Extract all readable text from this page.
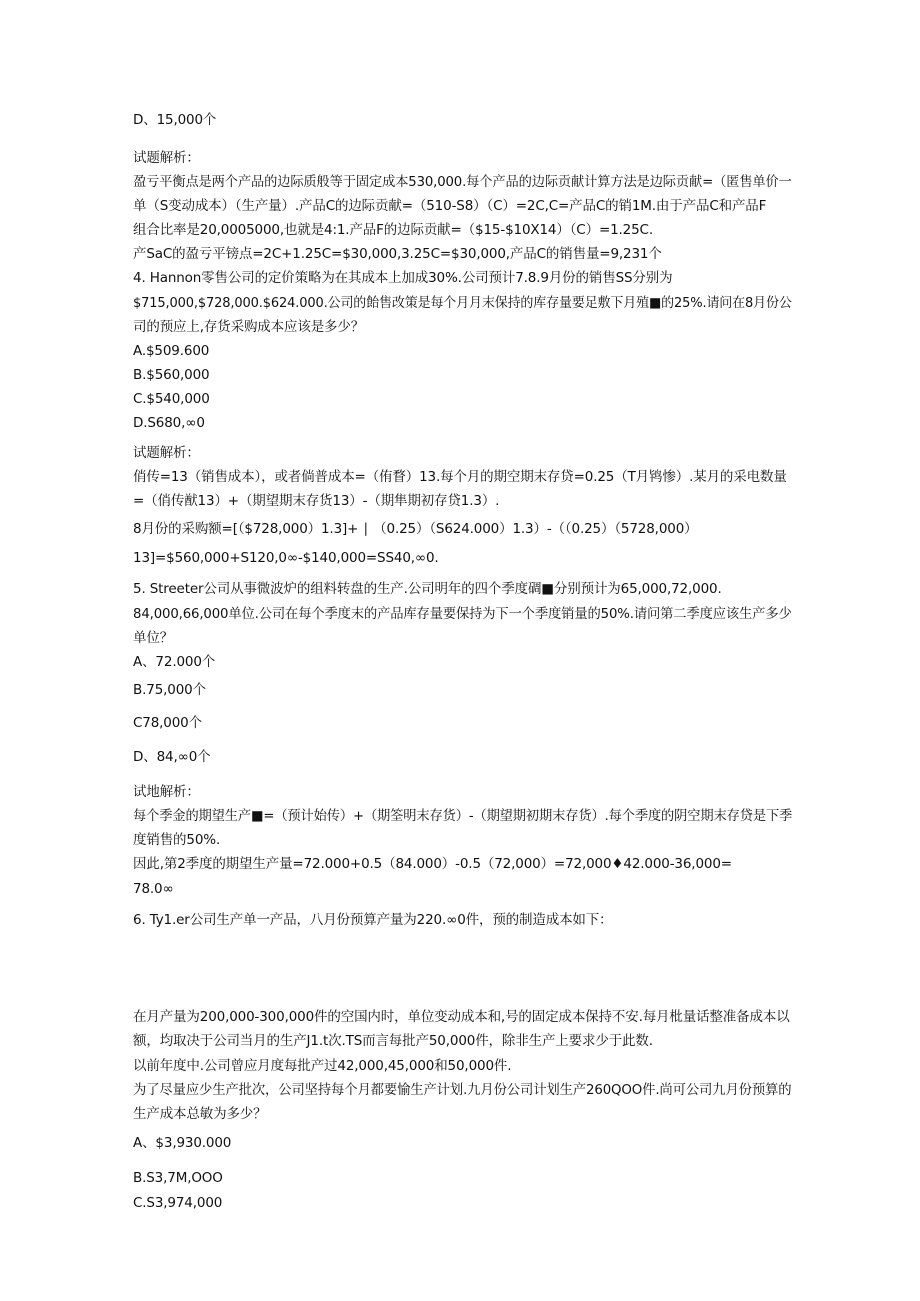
D、15,000个
试题解析：
盈亏平衡点是两个产品的边际质般等于固定成本530,000.每个产品的边际贡献计算方法是边际贡献=（匿售单价一
单（S变动成本）（生产量）.产品C的边际贡献=（510-S8）（C）=2C,C=产品C的销1M.由于产品C和产品F
组合比率是20,0005000,也就是4:1.产品F的边际贡献=（$15-$10X14）（C）=1.25C.
产SaC的盈亏平镑点=2C+1.25C=$30,000,3.25C=$30,000,产品C的销售量=9,231个
4. Hannon零售公司的定价策略为在其成本上加成30%.公司预计7.8.9月份的销售SS分别为
$715,000,$728,000.$624.000.公司的飴售改策是每个月月末保持的库存量要足敷下月殖■的25%.请问在8月份公
司的预应上,存货采购成本应该是多少？
A.$509.600
B.$560,000
C.$540,000
D.S680,∞0
试题解析：
俏传=13（销售成本），或者倘普成本=（侑瞀）13.每个月的期空期末存贷=0.25（T月鸨惨）.某月的采电数量
=（俏传猷13）+（期望期末存货13）-（期隼期初存贷1.3）.
8月份的采购额=[（$728,000）1.3]+ ∣ （0.25）（S624.000）1.3）-（（0.25）（5728,000）
13]=$560,000+S120,0∞-$140,000=SS40,∞0.
5. Streeter公司从事微波炉的组料转盘的生产.公司明年的四个季度碉■分别预计为65,000,72,000.
84,000,66,000单位.公司在每个季度末的产品库存量要保持为下一个季度销量的50%.请问第二季度应该生产多少
单位？
A、72.000个
B.75,000个
C78,000个
D、84,∞0个
试地解析：
每个季金的期望生产■=（预计始传）+（期筌明末存货）-（期望期初期末存货）.每个季度的阴空期末存贷是下季
度销售的50%.
因此,第2季度的期望生产量=72.000+0.5（84.000）-0.5（72,000）=72,000♦42.000-36,000=
78.0∞
6. Ty1.er公司生产单一产品，八月份预算产量为220.∞0件，预的制造成本如下：
在月产量为200,000-300,000件的空国内时，单位变动成本和,号的固定成本保持不安.每月枇量话整准备成本以
额，均取决于公司当月的生产J1.t次.TS而言每批产50,000件，除非生产上要求少于此数.
以前年度中.公司曾应月度每批产过42,000,45,000和50,000件.
为了尽量应少生产批次，公司坚持每个月都要愉生产计划.九月份公司计划生产260QOO件.尚可公司九月份预算的
生产成本总敏为多少？
A、$3,930.000
B.S3,7M,OOO
C.S3,974,000
